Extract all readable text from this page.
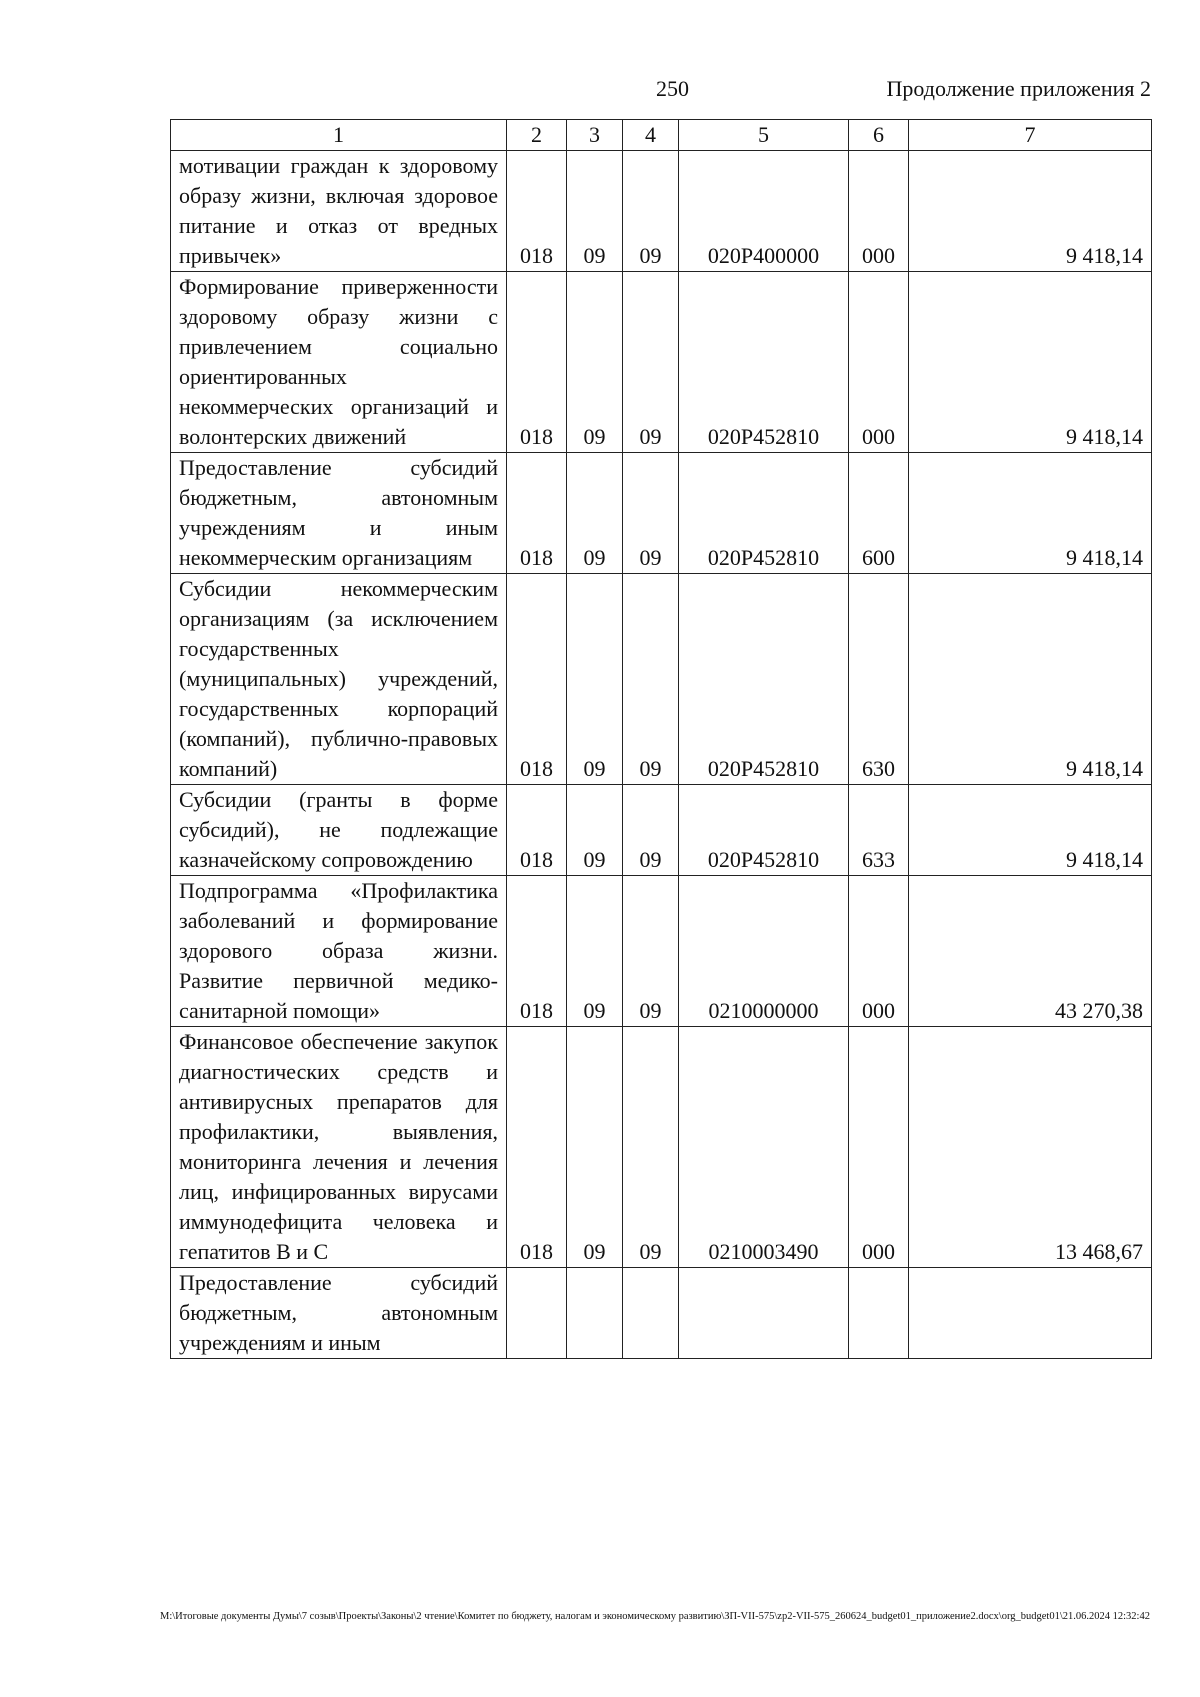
250	Продолжение приложения 2
1	2	3	4	5	6	7
мотивации граждан к здоровому образу жизни, включая здоровое питание и отказ от вредных привычек»	018	09	09	020P400000	000	9 418,14
Формирование приверженности здоровому образу жизни с привлечением социально ориентированных некоммерческих организаций и волонтерских движений	018	09	09	020P452810	000	9 418,14
Предоставление субсидий бюджетным, автономным учреждениям и иным некоммерческим организациям	018	09	09	020P452810	600	9 418,14
Субсидии некоммерческим организациям (за исключением государственных (муниципальных) учреждений, государственных корпораций (компаний), публично-правовых компаний)	018	09	09	020P452810	630	9 418,14
Субсидии (гранты в форме субсидий), не подлежащие казначейскому сопровождению	018	09	09	020P452810	633	9 418,14
Подпрограмма «Профилактика заболеваний и формирование здорового образа жизни. Развитие первичной медико-санитарной помощи»	018	09	09	0210000000	000	43 270,38
Финансовое обеспечение закупок диагностических средств и антивирусных препаратов для профилактики, выявления, мониторинга лечения и лечения лиц, инфицированных вирусами иммунодефицита человека и гепатитов В и С	018	09	09	0210003490	000	13 468,67
Предоставление субсидий бюджетным, автономным учреждениям и иным						
M:\Итоговые документы Думы\7 созыв\Проекты\Законы\2 чтение\Комитет по бюджету, налогам и экономическому развитию\ЗП-VII-575\zp2-VII-575_260624_budget01_приложение2.docx\org_budget01\21.06.2024 12:32:42
